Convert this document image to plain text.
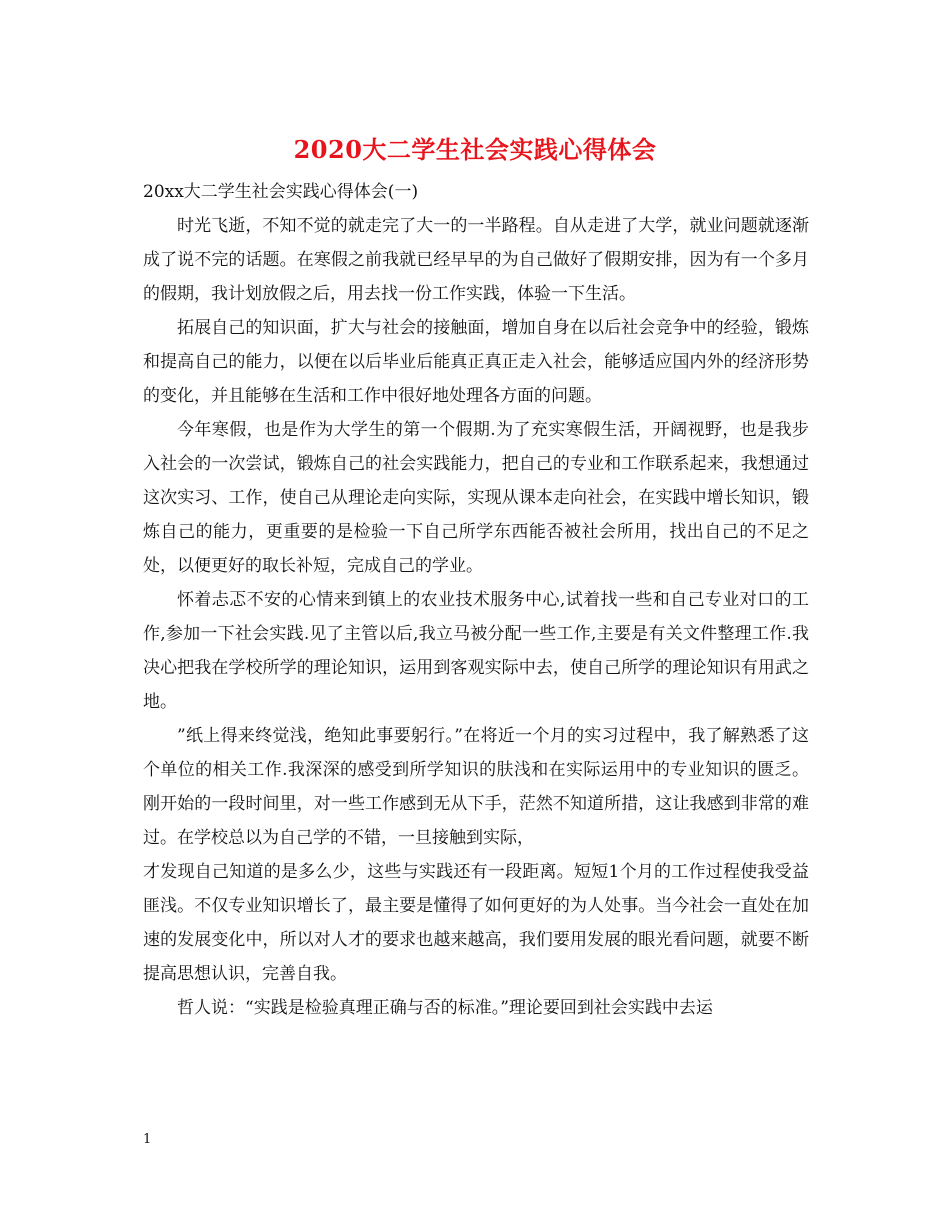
2020大二学生社会实践心得体会

20xx大二学生社会实践心得体会(一)

时光飞逝，不知不觉的就走完了大一的一半路程。自从走进了大学，就业问题就逐渐成了说不完的话题。在寒假之前我就已经早早的为自己做好了假期安排，因为有一个多月的假期，我计划放假之后，用去找一份工作实践，体验一下生活。

拓展自己的知识面，扩大与社会的接触面，增加自身在以后社会竞争中的经验，锻炼和提高自己的能力，以便在以后毕业后能真正真正走入社会，能够适应国内外的经济形势的变化，并且能够在生活和工作中很好地处理各方面的问题。

今年寒假，也是作为大学生的第一个假期.为了充实寒假生活，开阔视野，也是我步入社会的一次尝试，锻炼自己的社会实践能力，把自己的专业和工作联系起来，我想通过这次实习、工作，使自己从理论走向实际，实现从课本走向社会，在实践中增长知识，锻炼自己的能力，更重要的是检验一下自己所学东西能否被社会所用，找出自己的不足之处，以便更好的取长补短，完成自己的学业。

怀着忐忑不安的心情来到镇上的农业技术服务中心,试着找一些和自己专业对口的工作,参加一下社会实践.见了主管以后,我立马被分配一些工作,主要是有关文件整理工作.我决心把我在学校所学的理论知识，运用到客观实际中去，使自己所学的理论知识有用武之地。

”纸上得来终觉浅，绝知此事要躬行。”在将近一个月的实习过程中，我了解熟悉了这个单位的相关工作.我深深的感受到所学知识的肤浅和在实际运用中的专业知识的匮乏。刚开始的一段时间里，对一些工作感到无从下手，茫然不知道所措，这让我感到非常的难过。在学校总以为自己学的不错，一旦接触到实际，

才发现自己知道的是多么少，这些与实践还有一段距离。短短1个月的工作过程使我受益匪浅。不仅专业知识增长了，最主要是懂得了如何更好的为人处事。当今社会一直处在加速的发展变化中，所以对人才的要求也越来越高，我们要用发展的眼光看问题，就要不断提高思想认识，完善自我。

哲人说：“实践是检验真理正确与否的标准。”理论要回到社会实践中去运

1
